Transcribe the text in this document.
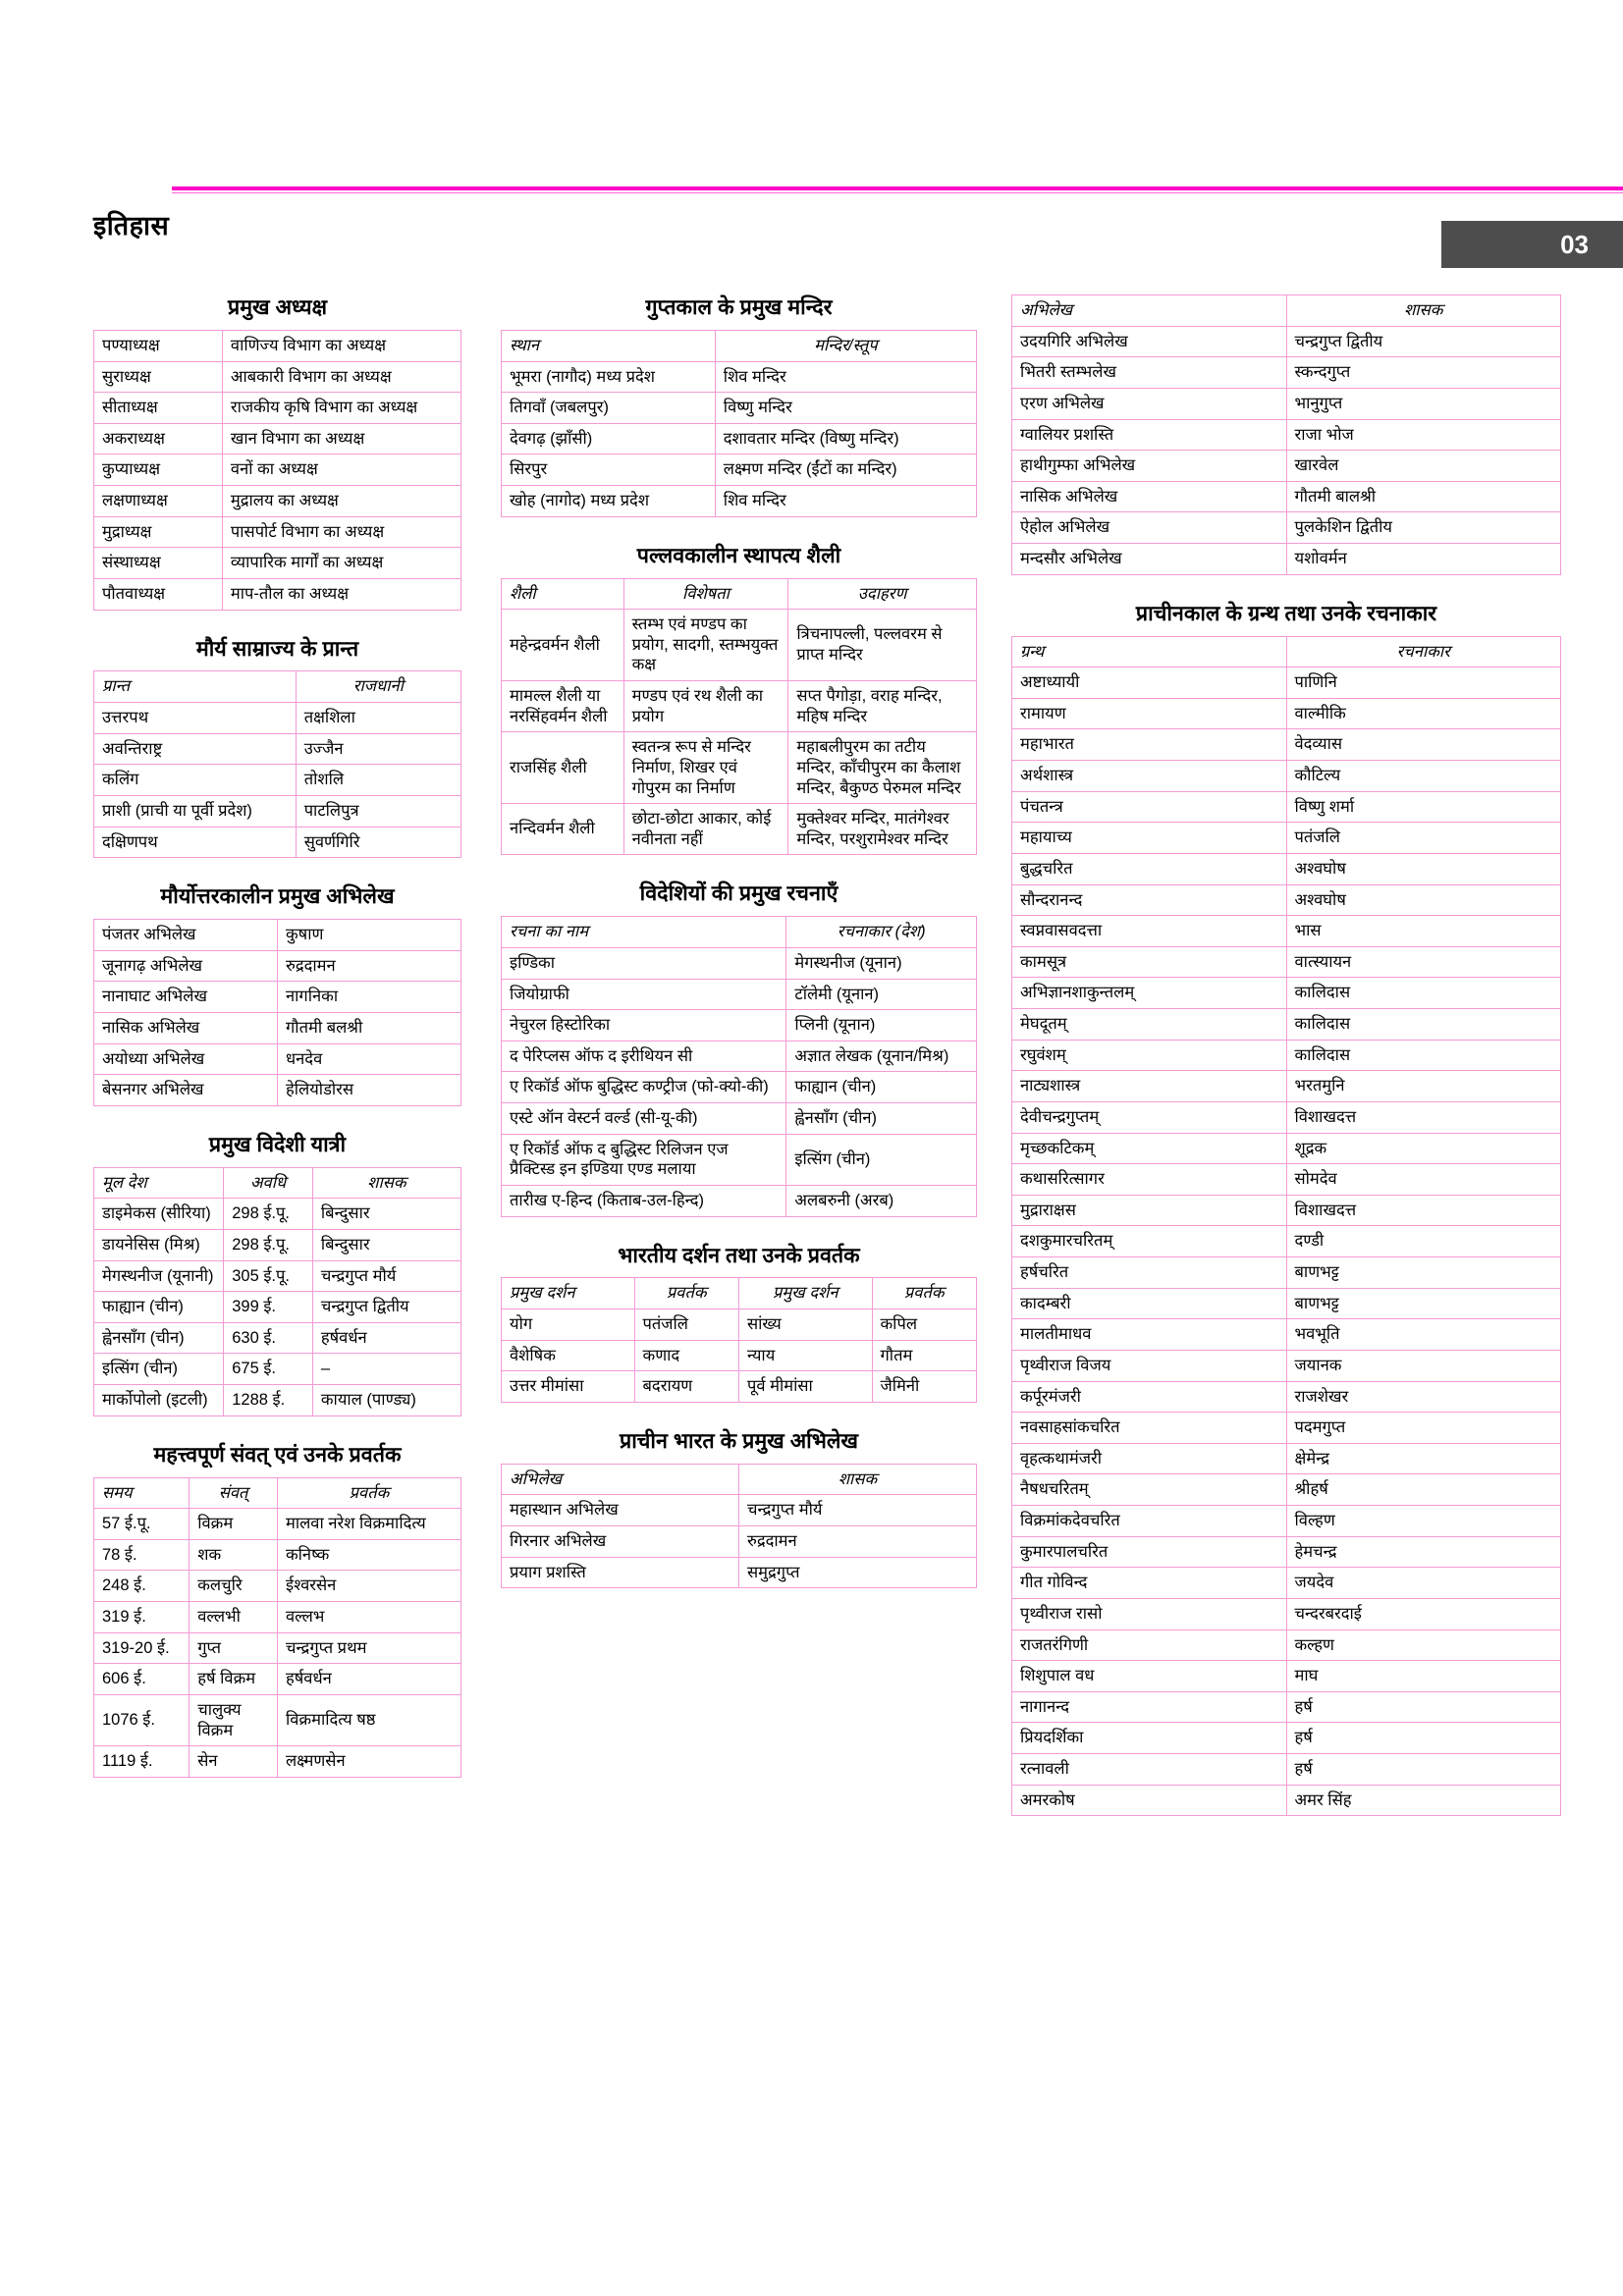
इतिहास
03
प्रमुख अध्यक्ष
पण्याध्यक्ष	वाणिज्य विभाग का अध्यक्ष
सुराध्यक्ष	आबकारी विभाग का अध्यक्ष
सीताध्यक्ष	राजकीय कृषि विभाग का अध्यक्ष
अकराध्यक्ष	खान विभाग का अध्यक्ष
कुप्याध्यक्ष	वनों का अध्यक्ष
लक्षणाध्यक्ष	मुद्रालय का अध्यक्ष
मुद्राध्यक्ष	पासपोर्ट विभाग का अध्यक्ष
संस्थाध्यक्ष	व्यापारिक मार्गों का अध्यक्ष
पौतवाध्यक्ष	माप-तौल का अध्यक्ष
मौर्य साम्राज्य के प्रान्त
प्रान्त	राजधानी
उत्तरपथ	तक्षशिला
अवन्तिराष्ट्र	उज्जैन
कलिंग	तोशलि
प्राशी (प्राची या पूर्वी प्रदेश)	पाटलिपुत्र
दक्षिणपथ	सुवर्णगिरि
मौर्योत्तरकालीन प्रमुख अभिलेख
पंजतर अभिलेख	कुषाण
जूनागढ़ अभिलेख	रुद्रदामन
नानाघाट अभिलेख	नागनिका
नासिक अभिलेख	गौतमी बलश्री
अयोध्या अभिलेख	धनदेव
बेसनगर अभिलेख	हेलियोडोरस
प्रमुख विदेशी यात्री
मूल देश	अवधि	शासक
डाइमेकस (सीरिया)	298 ई.पू.	बिन्दुसार
डायनेसिस (मिश्र)	298 ई.पू.	बिन्दुसार
मेगस्थनीज (यूनानी)	305 ई.पू.	चन्द्रगुप्त मौर्य
फाह्यान (चीन)	399 ई.	चन्द्रगुप्त द्वितीय
ह्वेनसाँग (चीन)	630 ई.	हर्षवर्धन
इत्सिंग (चीन)	675 ई.	–
मार्कोपोलो (इटली)	1288 ई.	कायाल (पाण्ड्य)
महत्त्वपूर्ण संवत् एवं उनके प्रवर्तक
समय	संवत्	प्रवर्तक
57 ई.पू.	विक्रम	मालवा नरेश विक्रमादित्य
78 ई.	शक	कनिष्क
248 ई.	कलचुरि	ईश्वरसेन
319 ई.	वल्लभी	वल्लभ
319-20 ई.	गुप्त	चन्द्रगुप्त प्रथम
606 ई.	हर्ष विक्रम	हर्षवर्धन
1076 ई.	चालुक्य विक्रम	विक्रमादित्य षष्ठ
1119 ई.	सेन	लक्ष्मणसेन
गुप्तकाल के प्रमुख मन्दिर
स्थान	मन्दिर/स्तूप
भूमरा (नागौद) मध्य प्रदेश	शिव मन्दिर
तिगवाँ (जबलपुर)	विष्णु मन्दिर
देवगढ़ (झाँसी)	दशावतार मन्दिर (विष्णु मन्दिर)
सिरपुर	लक्ष्मण मन्दिर (ईंटों का मन्दिर)
खोह (नागोद) मध्य प्रदेश	शिव मन्दिर
पल्लवकालीन स्थापत्य शैली
शैली	विशेषता	उदाहरण
महेन्द्रवर्मन शैली	स्तम्भ एवं मण्डप का प्रयोग, सादगी, स्तम्भयुक्त कक्ष	त्रिचनापल्ली, पल्लवरम से प्राप्त मन्दिर
मामल्ल शैली या नरसिंहवर्मन शैली	मण्डप एवं रथ शैली का प्रयोग	सप्त पैगोड़ा, वराह मन्दिर, महिष मन्दिर
राजसिंह शैली	स्वतन्त्र रूप से मन्दिर निर्माण, शिखर एवं गोपुरम का निर्माण	महाबलीपुरम का तटीय मन्दिर, काँचीपुरम का कैलाश मन्दिर, बैकुण्ठ पेरुमल मन्दिर
नन्दिवर्मन शैली	छोटा-छोटा आकार, कोई नवीनता नहीं	मुक्तेश्वर मन्दिर, मातंगेश्वर मन्दिर, परशुरामेश्वर मन्दिर
विदेशियों की प्रमुख रचनाएँ
रचना का नाम	रचनाकार (देश)
इण्डिका	मेगस्थनीज (यूनान)
जियोग्राफी	टॉलेमी (यूनान)
नेचुरल हिस्टोरिका	प्लिनी (यूनान)
द पेरिप्लस ऑफ द इरीथियन सी	अज्ञात लेखक (यूनान/मिश्र)
ए रिकॉर्ड ऑफ बुद्धिस्ट कण्ट्रीज (फो-क्यो-की)	फाह्यान (चीन)
एस्टे ऑन वेस्टर्न वर्ल्ड (सी-यू-की)	ह्वेनसाँग (चीन)
ए रिकॉर्ड ऑफ द बुद्धिस्ट रिलिजन एज प्रैक्टिस्ड इन इण्डिया एण्ड मलाया	इत्सिंग (चीन)
तारीख ए-हिन्द (किताब-उल-हिन्द)	अलबरुनी (अरब)
भारतीय दर्शन तथा उनके प्रवर्तक
प्रमुख दर्शन	प्रवर्तक	प्रमुख दर्शन	प्रवर्तक
योग	पतंजलि	सांख्य	कपिल
वैशेषिक	कणाद	न्याय	गौतम
उत्तर मीमांसा	बदरायण	पूर्व मीमांसा	जैमिनी
प्राचीन भारत के प्रमुख अभिलेख
अभिलेख	शासक
महास्थान अभिलेख	चन्द्रगुप्त मौर्य
गिरनार अभिलेख	रुद्रदामन
प्रयाग प्रशस्ति	समुद्रगुप्त
अभिलेख	शासक
उदयगिरि अभिलेख	चन्द्रगुप्त द्वितीय
भितरी स्तम्भलेख	स्कन्दगुप्त
एरण अभिलेख	भानुगुप्त
ग्वालियर प्रशस्ति	राजा भोज
हाथीगुम्फा अभिलेख	खारवेल
नासिक अभिलेख	गौतमी बालश्री
ऐहोल अभिलेख	पुलकेशिन द्वितीय
मन्दसौर अभिलेख	यशोवर्मन
प्राचीनकाल के ग्रन्थ तथा उनके रचनाकार
ग्रन्थ	रचनाकार
अष्टाध्यायी	पाणिनि
रामायण	वाल्मीकि
महाभारत	वेदव्यास
अर्थशास्त्र	कौटिल्य
पंचतन्त्र	विष्णु शर्मा
महायाच्य	पतंजलि
बुद्धचरित	अश्वघोष
सौन्दरानन्द	अश्वघोष
स्वप्नवासवदत्ता	भास
कामसूत्र	वात्स्यायन
अभिज्ञानशाकुन्तलम्	कालिदास
मेघदूतम्	कालिदास
रघुवंशम्	कालिदास
नाट्यशास्त्र	भरतमुनि
देवीचन्द्रगुप्तम्	विशाखदत्त
मृच्छकटिकम्	शूद्रक
कथासरित्सागर	सोमदेव
मुद्राराक्षस	विशाखदत्त
दशकुमारचरितम्	दण्डी
हर्षचरित	बाणभट्ट
कादम्बरी	बाणभट्ट
मालतीमाधव	भवभूति
पृथ्वीराज विजय	जयानक
कर्पूरमंजरी	राजशेखर
नवसाहसांकचरित	पदमगुप्त
वृहत्कथामंजरी	क्षेमेन्द्र
नैषधचरितम्	श्रीहर्ष
विक्रमांकदेवचरित	विल्हण
कुमारपालचरित	हेमचन्द्र
गीत गोविन्द	जयदेव
पृथ्वीराज रासो	चन्दरबरदाई
राजतरंगिणी	कल्हण
शिशुपाल वध	माघ
नागानन्द	हर्ष
प्रियदर्शिका	हर्ष
रत्नावली	हर्ष
अमरकोष	अमर सिंह
